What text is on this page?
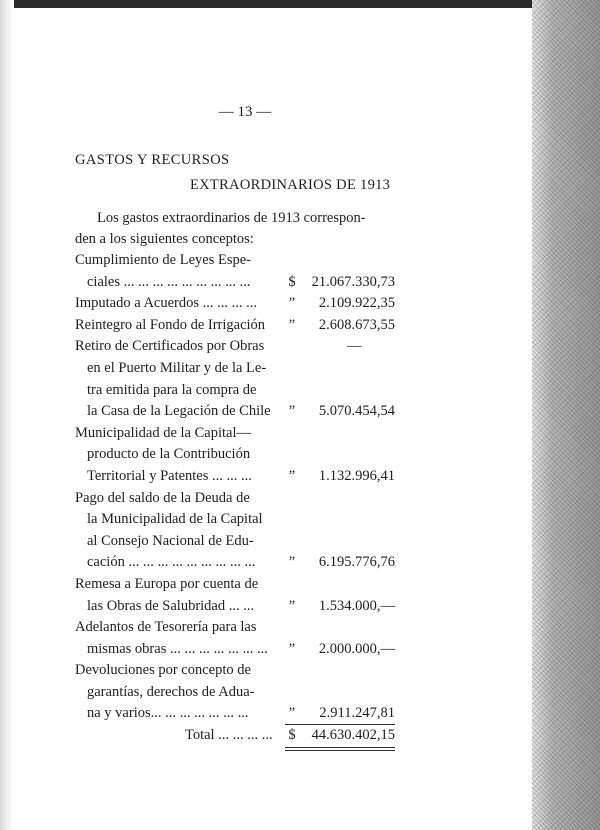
— 13 —
GASTOS Y RECURSOS
EXTRAORDINARIOS DE 1913

Los gastos extraordinarios de 1913 correspon-

den a los siguientes conceptos:

Cumplimiento de Leyes Espe-
ciales ... ... ... ... ... ... ... ... ...	$ 21.067.330,73
Imputado a Acuerdos ... ... ... ... ” 2.109.922,35
Reintegro al Fondo de Irrigación ” 2.608.673,55
Retiro de Certificados por Obras	—
en el Puerto Militar y de la Le-
tra emitida para la compra de
la Casa de la Legación de Chile ” 5.070.454,54
Municipalidad de la Capital—
producto de la Contribución
Territorial y Patentes ... ... ...	” 1.132.996,41
Pago del saldo de la Deuda de
la Municipalidad de la Capital
al Consejo Nacional de Edu-
cación ... ... ... ... ... ... ... ... ... ” 6.195.776,76
Remesa a Europa por cuenta de
las Obras de Salubridad ... ... ” 1.534.000,—
Adelantos de Tesorería para las
mismas obras ... ... ... ... ... ... ... ” 2.000.000,—
Devoluciones por concepto de
garantías, derechos de Adua-
na y varios... ... ... ... ... ... ...	” 2.911.247,81
Total ... ... ... ... $ 44.630.402,15
